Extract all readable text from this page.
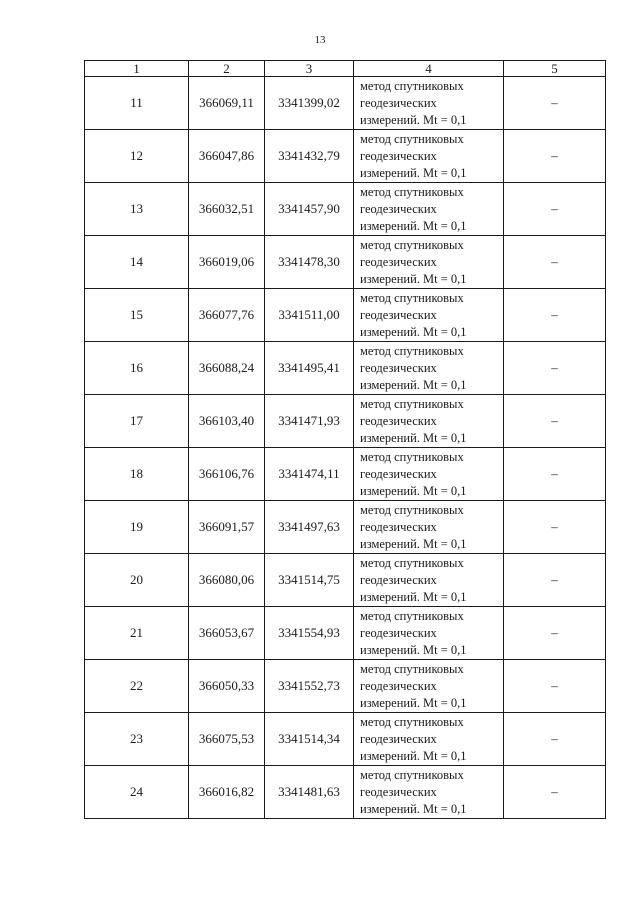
13
1	2	3	4	5
11	366069,11	3341399,02	метод спутниковых
геодезических
измерений. Mt = 0,1	–
12	366047,86	3341432,79	метод спутниковых
геодезических
измерений. Mt = 0,1	–
13	366032,51	3341457,90	метод спутниковых
геодезических
измерений. Mt = 0,1	–
14	366019,06	3341478,30	метод спутниковых
геодезических
измерений. Mt = 0,1	–
15	366077,76	3341511,00	метод спутниковых
геодезических
измерений. Mt = 0,1	–
16	366088,24	3341495,41	метод спутниковых
геодезических
измерений. Mt = 0,1	–
17	366103,40	3341471,93	метод спутниковых
геодезических
измерений. Mt = 0,1	–
18	366106,76	3341474,11	метод спутниковых
геодезических
измерений. Mt = 0,1	–
19	366091,57	3341497,63	метод спутниковых
геодезических
измерений. Mt = 0,1	–
20	366080,06	3341514,75	метод спутниковых
геодезических
измерений. Mt = 0,1	–
21	366053,67	3341554,93	метод спутниковых
геодезических
измерений. Mt = 0,1	–
22	366050,33	3341552,73	метод спутниковых
геодезических
измерений. Mt = 0,1	–
23	366075,53	3341514,34	метод спутниковых
геодезических
измерений. Mt = 0,1	–
24	366016,82	3341481,63	метод спутниковых
геодезических
измерений. Mt = 0,1	–
